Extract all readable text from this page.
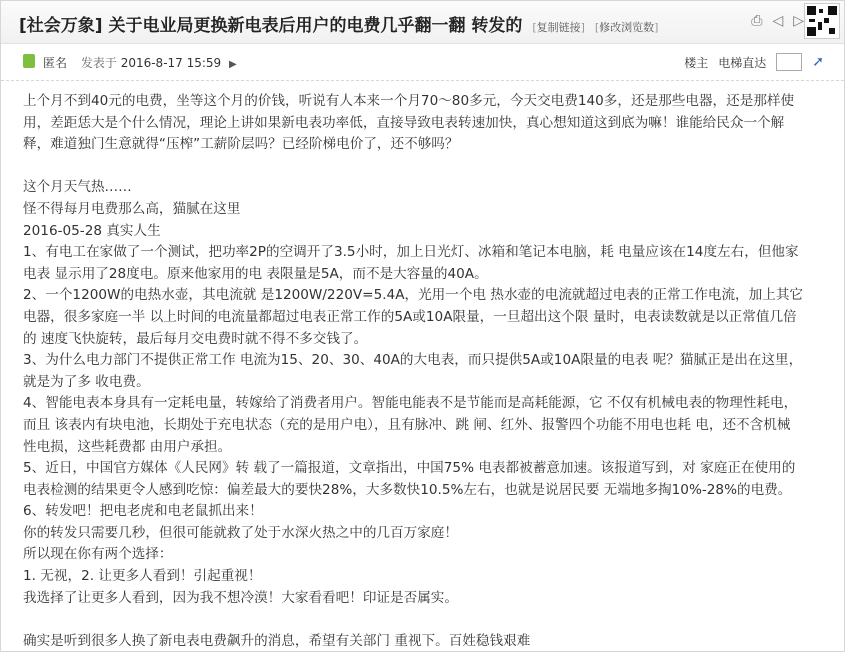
[社会万象] 关于电业局更换新电表后用户的电费几乎翻一翻 转发的 [复制链接] [修改浏览数]	⎙ ◁ ▷
匿名 发表于 2016-8-17 15:59 ▶	楼主 电梯直达	➚

上个月不到40元的电费，坐等这个月的价钱，听说有人本来一个月70～80多元，今天交电费140多，还是那些电器，还是那样使

用，差距恁大是个什么情况，理论上讲如果新电表功率低，直接导致电表转速加快，真心想知道这到底为嘛！谁能给民众一个解

释，难道独门生意就得“压榨”工薪阶层吗？已经阶梯电价了，还不够吗？

这个月天气热……

怪不得每月电费那么高，猫腻在这里

2016-05-28 真实人生

1、有电工在家做了一个测试，把功率2P的空调开了3.5小时，加上日光灯、冰箱和笔记本电脑，耗 电量应该在14度左右，但他家

电表 显示用了28度电。原来他家用的电 表限量是5A，而不是大容量的40A。

2、一个1200W的电热水壶，其电流就 是1200W/220V=5.4A，光用一个电 热水壶的电流就超过电表的正常工作电流，加上其它

电器，很多家庭一半 以上时间的电流量都超过电表正常工作的5A或10A限量，一旦超出这个限 量时，电表读数就是以正常值几倍

的 速度飞快旋转，最后每月交电费时就不得不多交钱了。

3、为什么电力部门不提供正常工作 电流为15、20、30、40A的大电表，而只提供5A或10A限量的电表 呢？猫腻正是出在这里，

就是为了多 收电费。

4、智能电表本身具有一定耗电量，转嫁给了消费者用户。智能电能表不是节能而是高耗能源，它 不仅有机械电表的物理性耗电，

而且 该表内有块电池，长期处于充电状态（充的是用户电），且有脉冲、跳 闸、红外、报警四个功能不用电也耗 电，还不含机械

性电损，这些耗费都 由用户承担。

5、近日，中国官方媒体《人民网》转 载了一篇报道，文章指出，中国75% 电表都被蓄意加速。该报道写到，对 家庭正在使用的

电表检测的结果更令人感到吃惊：偏差最大的要快28%，大多数快10.5%左右，也就是说居民要 无端地多掏10%-28%的电费。

6、转发吧！把电老虎和电老鼠抓出来！

你的转发只需要几秒，但很可能就救了处于水深火热之中的几百万家庭！

所以现在你有两个选择：

1. 无视，2. 让更多人看到！引起重视！

我选择了让更多人看到，因为我不想冷漠！大家看看吧！印证是否属实。

确实是听到很多人换了新电表电费飙升的消息，希望有关部门 重视下。百姓稳钱艰难
